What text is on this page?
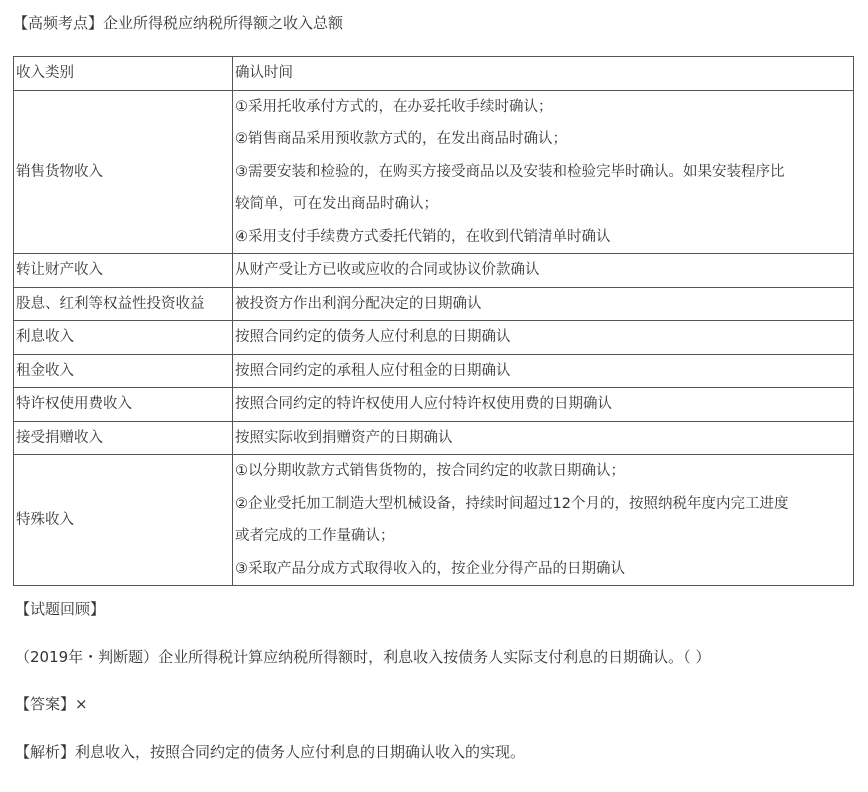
【高频考点】企业所得税应纳税所得额之收入总额
收入类别	确认时间
销售货物收入	①采用托收承付方式的，在办妥托收手续时确认；
②销售商品采用预收款方式的，在发出商品时确认；
③需要安装和检验的，在购买方接受商品以及安装和检验完毕时确认。如果安装程序比
较简单，可在发出商品时确认；
④采用支付手续费方式委托代销的，在收到代销清单时确认

转让财产收入	从财产受让方已收或应收的合同或协议价款确认
股息、红利等权益性投资收益	被投资方作出利润分配决定的日期确认
利息收入	按照合同约定的债务人应付利息的日期确认
租金收入	按照合同约定的承租人应付租金的日期确认
特许权使用费收入	按照合同约定的特许权使用人应付特许权使用费的日期确认
接受捐赠收入	按照实际收到捐赠资产的日期确认
特殊收入	①以分期收款方式销售货物的，按合同约定的收款日期确认；
②企业受托加工制造大型机械设备，持续时间超过12个月的，按照纳税年度内完工进度
或者完成的工作量确认；
③采取产品分成方式取得收入的，按企业分得产品的日期确认
【试题回顾】
（2019年・判断题）企业所得税计算应纳税所得额时，利息收入按债务人实际支付利息的日期确认。（ ）
【答案】×
【解析】利息收入，按照合同约定的债务人应付利息的日期确认收入的实现。
